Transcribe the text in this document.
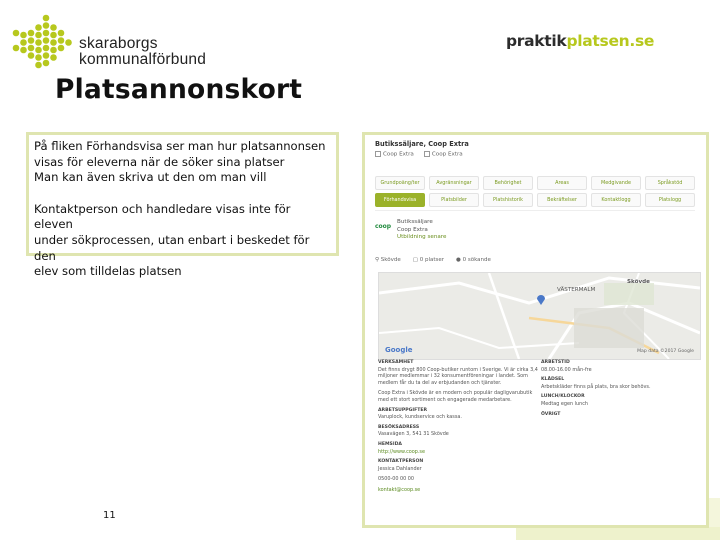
skaraborgs
kommunalförbund
praktikplatsen.se
Platsannonskort

På fliken Förhandsvisa ser man hur platsannonsen

visas för eleverna när de söker sina platser

Man kan även skriva ut den om man vill

Kontaktperson och handledare visas inte för eleven

under sökprocessen, utan enbart i beskedet för den

elev som tilldelas platsen

11
Butikssäljare, Coop Extra
Coop Extra	Coop Extra
Grundpoäng/ter	Avgränsningar	Behörighet	Areas	Medgivande	Språkstöd
Förhandsvisa	Platsbilder	Platshistorik	Bekräftelser	Kontaktlogg	Platslogg
coop
Butikssäljare
Coop Extra
Utbildning senare
⚲ Skövde ▢ 0 platser ● 0 sökande
VÄSTERMALM
Skövde
Google	Map data ©2017 Google
VERKSAMHET
Det finns drygt 800 Coop-butiker runtom i Sverige. Vi är cirka 3,4 miljoner medlemmar i 32 konsumentföreningar i landet. Som medlem får du ta del av erbjudanden och tjänster.
Coop Extra i Skövde är en modern och populär dagligvarubutik med ett stort sortiment och engagerade medarbetare.
ARBETSUPPGIFTER
Varuplock, kundservice och kassa.
BESÖKSADRESS
Vasavägen 3, 541 31 Skövde
HEMSIDA
http://www.coop.se
KONTAKTPERSON
Jessica Dahlander
0500-00 00 00
kontakt@coop.se
ARBETSTID
08.00-16.00 mån-fre
KLÄDSEL
Arbetskläder finns på plats, bra skor behövs.
LUNCH/KLOCKOR
Medtag egen lunch
ÖVRIGT
